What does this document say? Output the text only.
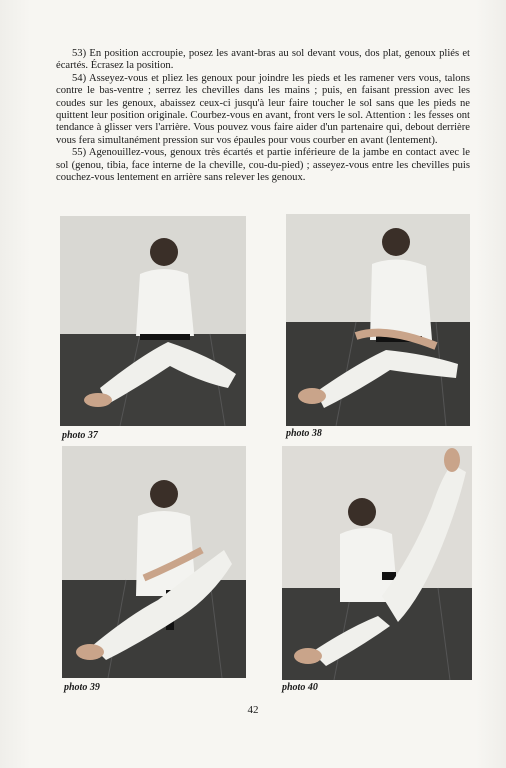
53) En position accroupie, posez les avant-bras au sol devant vous, dos plat, genoux pliés et écartés. Écrasez la position.

54) Asseyez-vous et pliez les genoux pour joindre les pieds et les ramener vers vous, talons contre le bas-ventre ; serrez les chevilles dans les mains ; puis, en faisant pression avec les coudes sur les genoux, abaissez ceux-ci jusqu'à leur faire toucher le sol sans que les pieds ne quittent leur position originale. Courbez-vous en avant, front vers le sol. Attention : les fesses ont tendance à glisser vers l'arrière. Vous pouvez vous faire aider d'un partenaire qui, debout derrière vous fera simultanément pression sur vos épaules pour vous courber en avant (lentement).

55) Agenouillez-vous, genoux très écartés et partie inférieure de la jambe en contact avec le sol (genou, tibia, face interne de la cheville, cou-du-pied) ; asseyez-vous entre les chevilles puis couchez-vous lentement en arrière sans relever les genoux.

photo 37	photo 38
photo 39	photo 40
42
